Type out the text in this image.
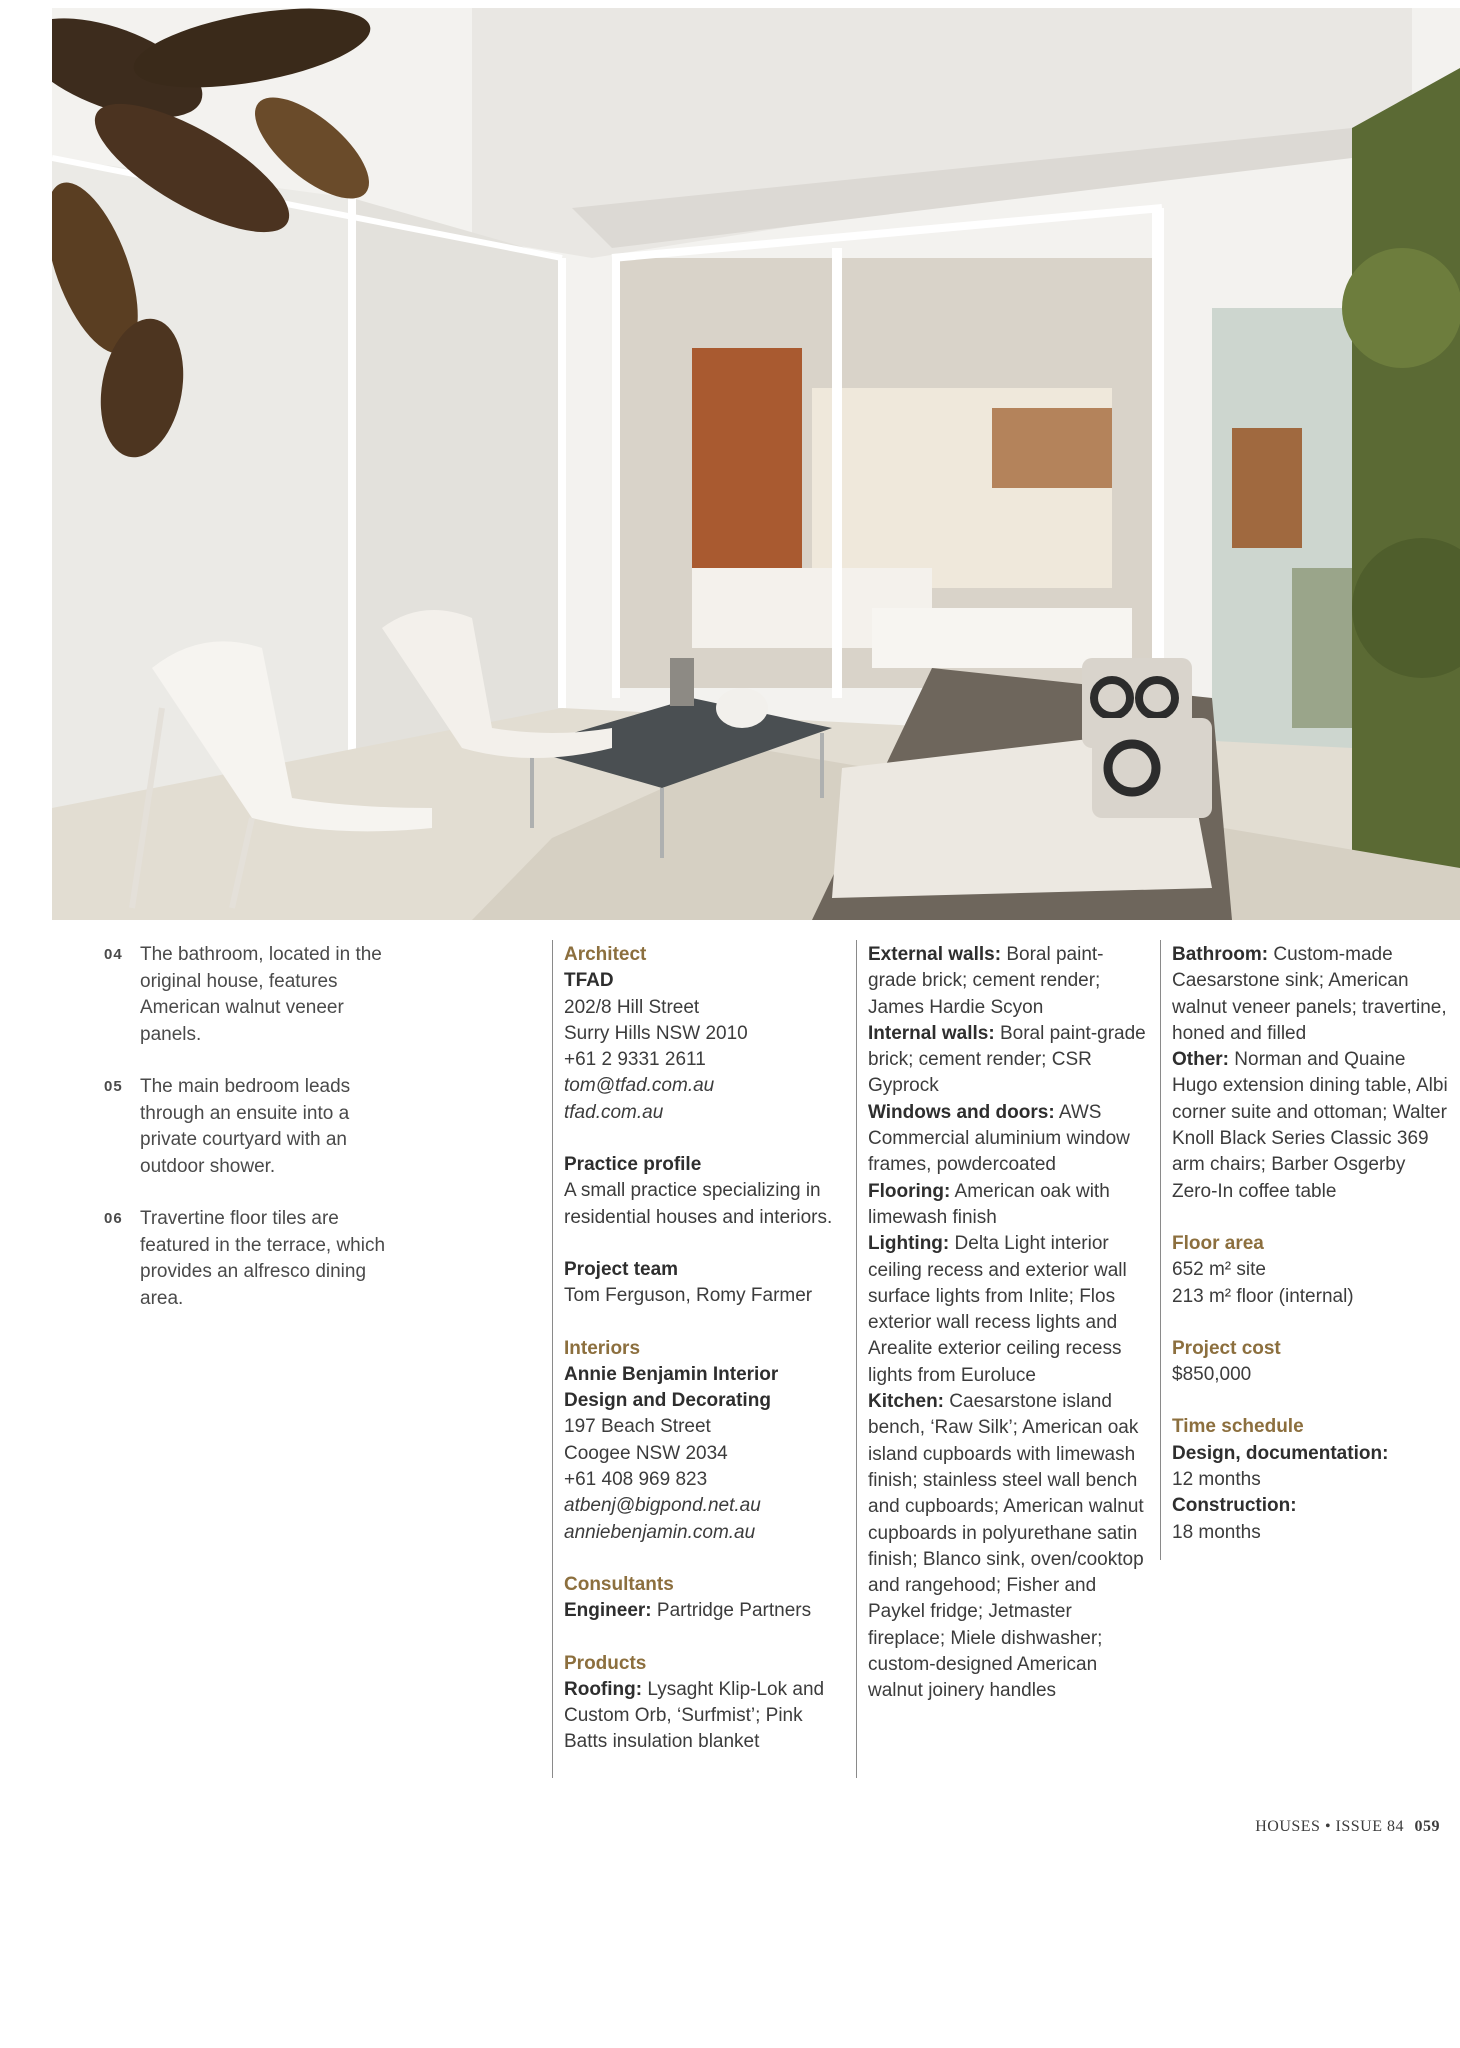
04 The bathroom, located in the original house, features American walnut veneer panels.
05 The main bedroom leads through an ensuite into a private courtyard with an outdoor shower.
06 Travertine floor tiles are featured in the terrace, which provides an alfresco dining area.

Architect

TFAD

202/8 Hill Street

Surry Hills NSW 2010

+61 2 9331 2611

tom@tfad.com.au

tfad.com.au

Practice profile

A small practice specializing in residential houses and interiors.

Project team

Tom Ferguson, Romy Farmer

Interiors

Annie Benjamin Interior Design and Decorating

197 Beach Street

Coogee NSW 2034

+61 408 969 823

atbenj@bigpond.net.au

anniebenjamin.com.au

Consultants

Engineer: Partridge Partners

Products

Roofing: Lysaght Klip-Lok and Custom Orb, ‘Surfmist’; Pink Batts insulation blanket

External walls: Boral paint-grade brick; cement render; James Hardie Scyon

Internal walls: Boral paint-grade brick; cement render; CSR Gyprock

Windows and doors: AWS Commercial aluminium window frames, powdercoated

Flooring: American oak with limewash finish

Lighting: Delta Light interior ceiling recess and exterior wall surface lights from Inlite; Flos exterior wall recess lights and Arealite exterior ceiling recess lights from Euroluce

Kitchen: Caesarstone island bench, ‘Raw Silk’; American oak island cupboards with limewash finish; stainless steel wall bench and cupboards; American walnut cupboards in polyurethane satin finish; Blanco sink, oven/cooktop and rangehood; Fisher and Paykel fridge; Jetmaster fireplace; Miele dishwasher; custom-designed American walnut joinery handles

Bathroom: Custom-made Caesarstone sink; American walnut veneer panels; travertine, honed and filled

Other: Norman and Quaine Hugo extension dining table, Albi corner suite and ottoman; Walter Knoll Black Series Classic 369 arm chairs; Barber Osgerby Zero-In coffee table

Floor area

652 m² site

213 m² floor (internal)

Project cost

$850,000

Time schedule

Design, documentation:

12 months

Construction:

18 months

HOUSES • ISSUE 84 059
